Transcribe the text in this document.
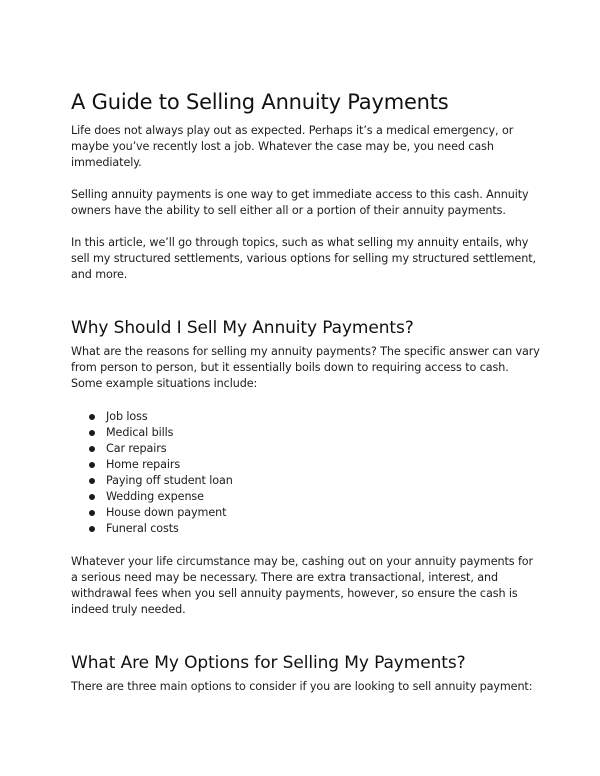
A Guide to Selling Annuity Payments

Life does not always play out as expected. Perhaps it’s a medical emergency, or maybe you’ve recently lost a job. Whatever the case may be, you need cash immediately.

Selling annuity payments is one way to get immediate access to this cash. Annuity owners have the ability to sell either all or a portion of their annuity payments.

In this article, we’ll go through topics, such as what selling my annuity entails, why sell my structured settlements, various options for selling my structured settlement, and more.

Why Should I Sell My Annuity Payments?

What are the reasons for selling my annuity payments? The specific answer can vary from person to person, but it essentially boils down to requiring access to cash. Some example situations include:

Job loss
Medical bills
Car repairs
Home repairs
Paying off student loan
Wedding expense
House down payment
Funeral costs

Whatever your life circumstance may be, cashing out on your annuity payments for a serious need may be necessary. There are extra transactional, interest, and withdrawal fees when you sell annuity payments, however, so ensure the cash is indeed truly needed.

What Are My Options for Selling My Payments?

There are three main options to consider if you are looking to sell annuity payment:
